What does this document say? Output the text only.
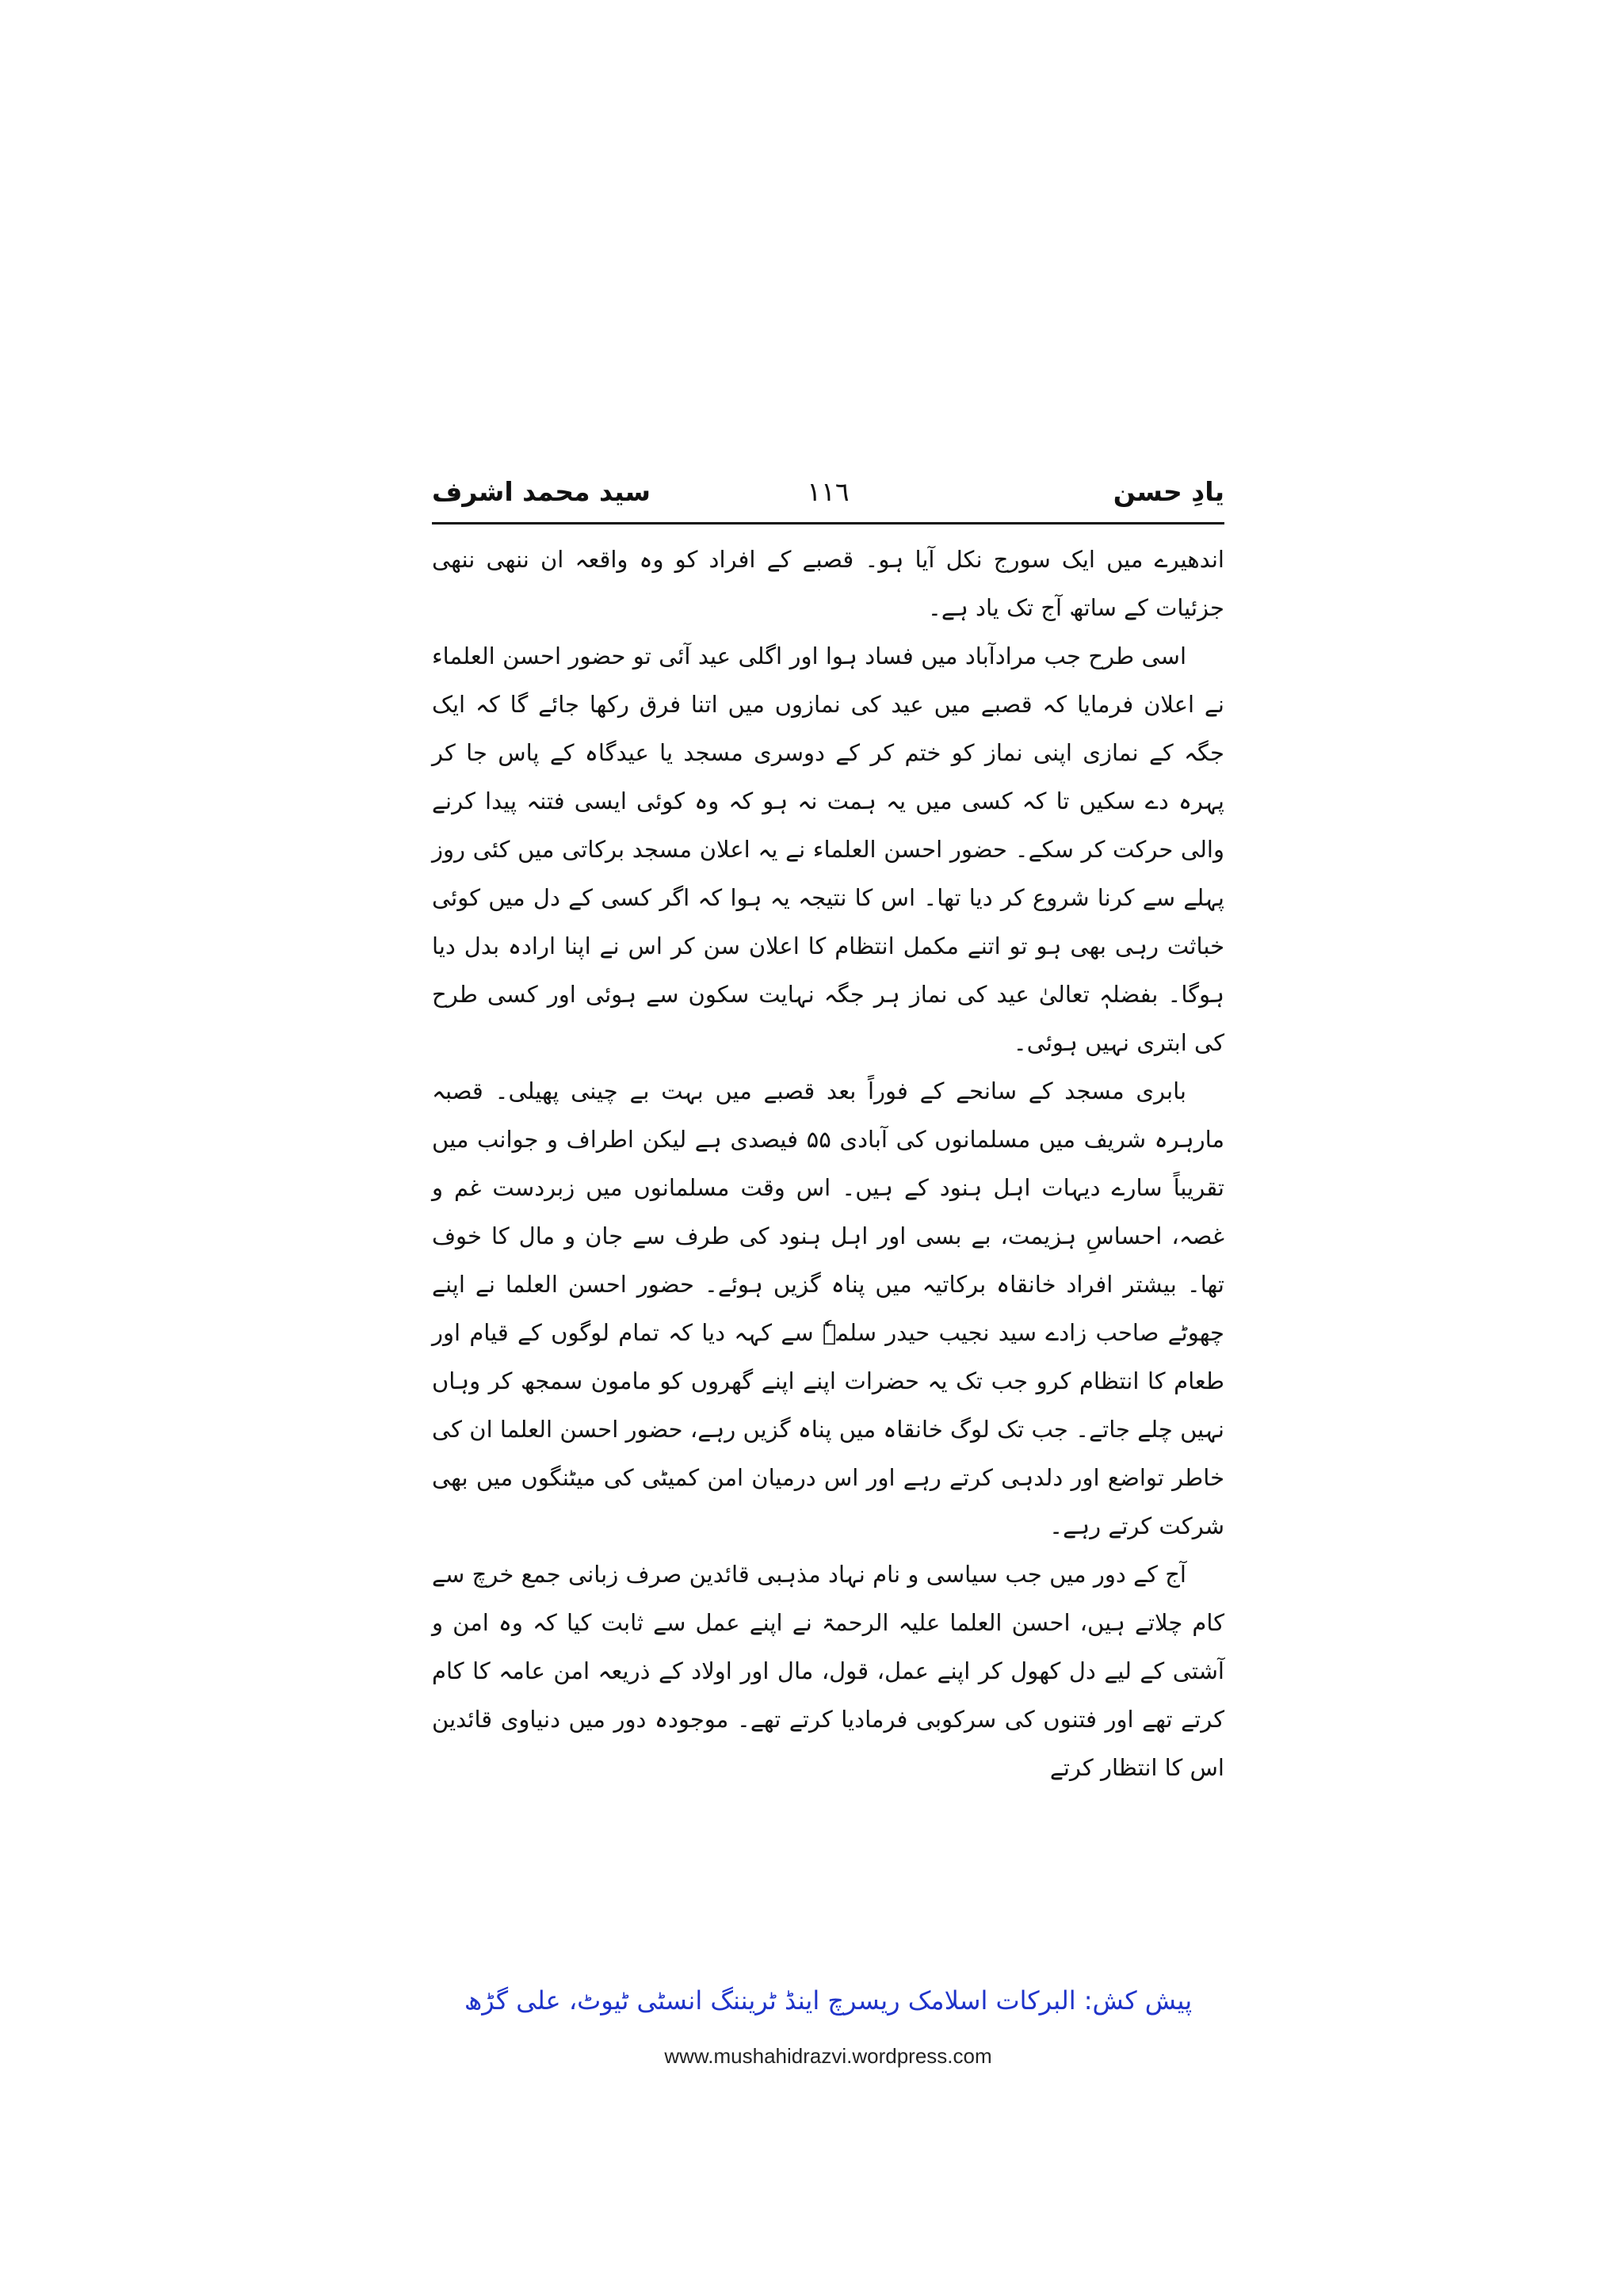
سید محمد اشرف	١١٦	یادِ حسن

اندھیرے میں ایک سورج نکل آیا ہو۔ قصبے کے افراد کو وہ واقعہ ان ننھی ننھی جزئیات کے ساتھ آج تک یاد ہے۔

اسی طرح جب مرادآباد میں فساد ہوا اور اگلی عید آئی تو حضور احسن العلماء نے اعلان فرمایا کہ قصبے میں عید کی نمازوں میں اتنا فرق رکھا جائے گا کہ ایک جگہ کے نمازی اپنی نماز کو ختم کر کے دوسری مسجد یا عیدگاہ کے پاس جا کر پہرہ دے سکیں تا کہ کسی میں یہ ہمت نہ ہو کہ وہ کوئی ایسی فتنہ پیدا کرنے والی حرکت کر سکے۔ حضور احسن العلماء نے یہ اعلان مسجد برکاتی میں کئی روز پہلے سے کرنا شروع کر دیا تھا۔ اس کا نتیجہ یہ ہوا کہ اگر کسی کے دل میں کوئی خباثت رہی بھی ہو تو اتنے مکمل انتظام کا اعلان سن کر اس نے اپنا ارادہ بدل دیا ہوگا۔ بفضلہٖ تعالیٰ عید کی نماز ہر جگہ نہایت سکون سے ہوئی اور کسی طرح کی ابتری نہیں ہوئی۔

بابری مسجد کے سانحے کے فوراً بعد قصبے میں بہت بے چینی پھیلی۔ قصبہ مارہرہ شریف میں مسلمانوں کی آبادی ۵۵ فیصدی ہے لیکن اطراف و جوانب میں تقریباً سارے دیہات اہل ہنود کے ہیں۔ اس وقت مسلمانوں میں زبردست غم و غصہ، احساسِ ہزیمت، بے بسی اور اہل ہنود کی طرف سے جان و مال کا خوف تھا۔ بیشتر افراد خانقاہ برکاتیہ میں پناہ گزیں ہوئے۔ حضور احسن العلما نے اپنے چھوٹے صاحب زادے سید نجیب حیدر سلمہٗ سے کہہ دیا کہ تمام لوگوں کے قیام اور طعام کا انتظام کرو جب تک یہ حضرات اپنے اپنے گھروں کو مامون سمجھ کر وہاں نہیں چلے جاتے۔ جب تک لوگ خانقاہ میں پناہ گزیں رہے، حضور احسن العلما ان کی خاطر تواضع اور دلدہی کرتے رہے اور اس درمیان امن کمیٹی کی میٹنگوں میں بھی شرکت کرتے رہے۔

آج کے دور میں جب سیاسی و نام نہاد مذہبی قائدین صرف زبانی جمع خرچ سے کام چلاتے ہیں، احسن العلما علیہ الرحمۃ نے اپنے عمل سے ثابت کیا کہ وہ امن و آشتی کے لیے دل کھول کر اپنے عمل، قول، مال اور اولاد کے ذریعہ امن عامہ کا کام کرتے تھے اور فتنوں کی سرکوبی فرمادیا کرتے تھے۔ موجودہ دور میں دنیاوی قائدین اس کا انتظار کرتے

پیش کش: البرکات اسلامک ریسرچ اینڈ ٹریننگ انسٹی ٹیوٹ، علی گڑھ
www.mushahidrazvi.wordpress.com
